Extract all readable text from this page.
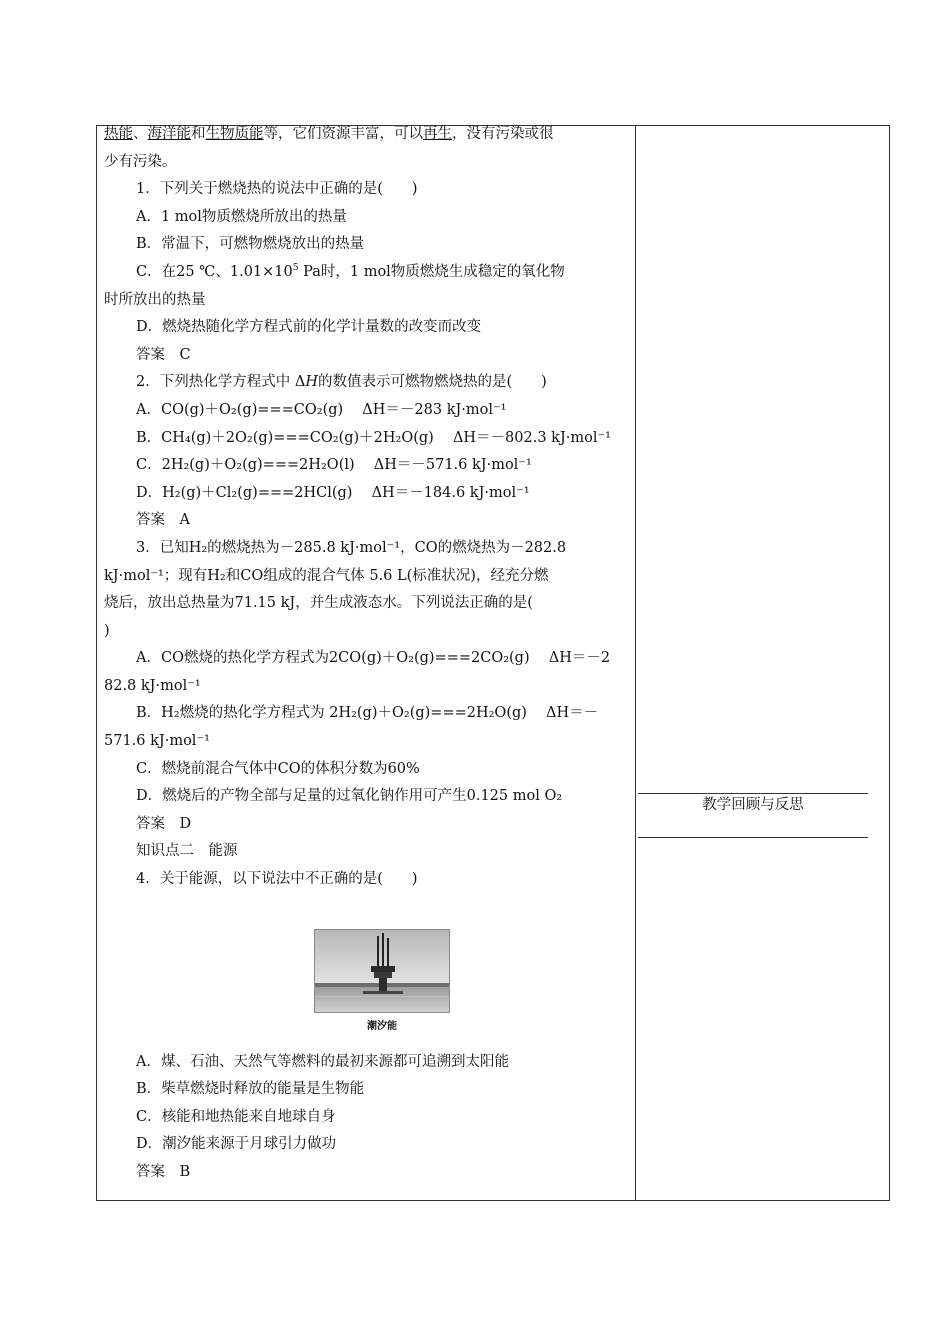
热能、海洋能和生物质能等，它们资源丰富，可以再生，没有污染或很
少有污染。
1．下列关于燃烧热的说法中正确的是(　　)
A．1 mol物质燃烧所放出的热量
B．常温下，可燃物燃烧放出的热量
C．在25 ℃、$1.01\times 10^5$ Pa时，1 mol物质燃烧生成稳定的氧化物
时所放出的热量
D．燃烧热随化学方程式前的化学计量数的改变而改变
答案　C
2．下列热化学方程式中 ΔH的数值表示可燃物燃烧热的是(　　)
A．CO(g)＋O₂(g)===CO₂(g)　 ΔH＝－283 kJ·mol⁻¹
B．CH₄(g)＋2O₂(g)===CO₂(g)＋2H₂O(g)　 ΔH＝－802.3 kJ·mol⁻¹
C．2H₂(g)＋O₂(g)===2H₂O(l)　 ΔH＝－571.6 kJ·mol⁻¹
D．H₂(g)＋Cl₂(g)===2HCl(g)　 ΔH＝－184.6 kJ·mol⁻¹
答案　A
3．已知H₂的燃烧热为－285.8 kJ·mol⁻¹，CO的燃烧热为－282.8
kJ·mol⁻¹；现有H₂和CO组成的混合气体 5.6 L(标准状况)，经充分燃
烧后，放出总热量为71.15 kJ，并生成液态水。下列说法正确的是(
)
A．CO燃烧的热化学方程式为2CO(g)＋O₂(g)===2CO₂(g)　 ΔH＝－2
82.8 kJ·mol⁻¹
B．H₂燃烧的热化学方程式为 2H₂(g)＋O₂(g)===2H₂O(g)　 ΔH＝－
571.6 kJ·mol⁻¹
C．燃烧前混合气体中CO的体积分数为60%
D．燃烧后的产物全部与足量的过氧化钠作用可产生0.125 mol O₂
答案　D
知识点二　能源
4．关于能源，以下说法中不正确的是(　　)
A．煤、石油、天然气等燃料的最初来源都可追溯到太阳能
B．柴草燃烧时释放的能量是生物能
C．核能和地热能来自地球自身
D．潮汐能来源于月球引力做功
答案　B
潮汐能
教学回顾与反思
